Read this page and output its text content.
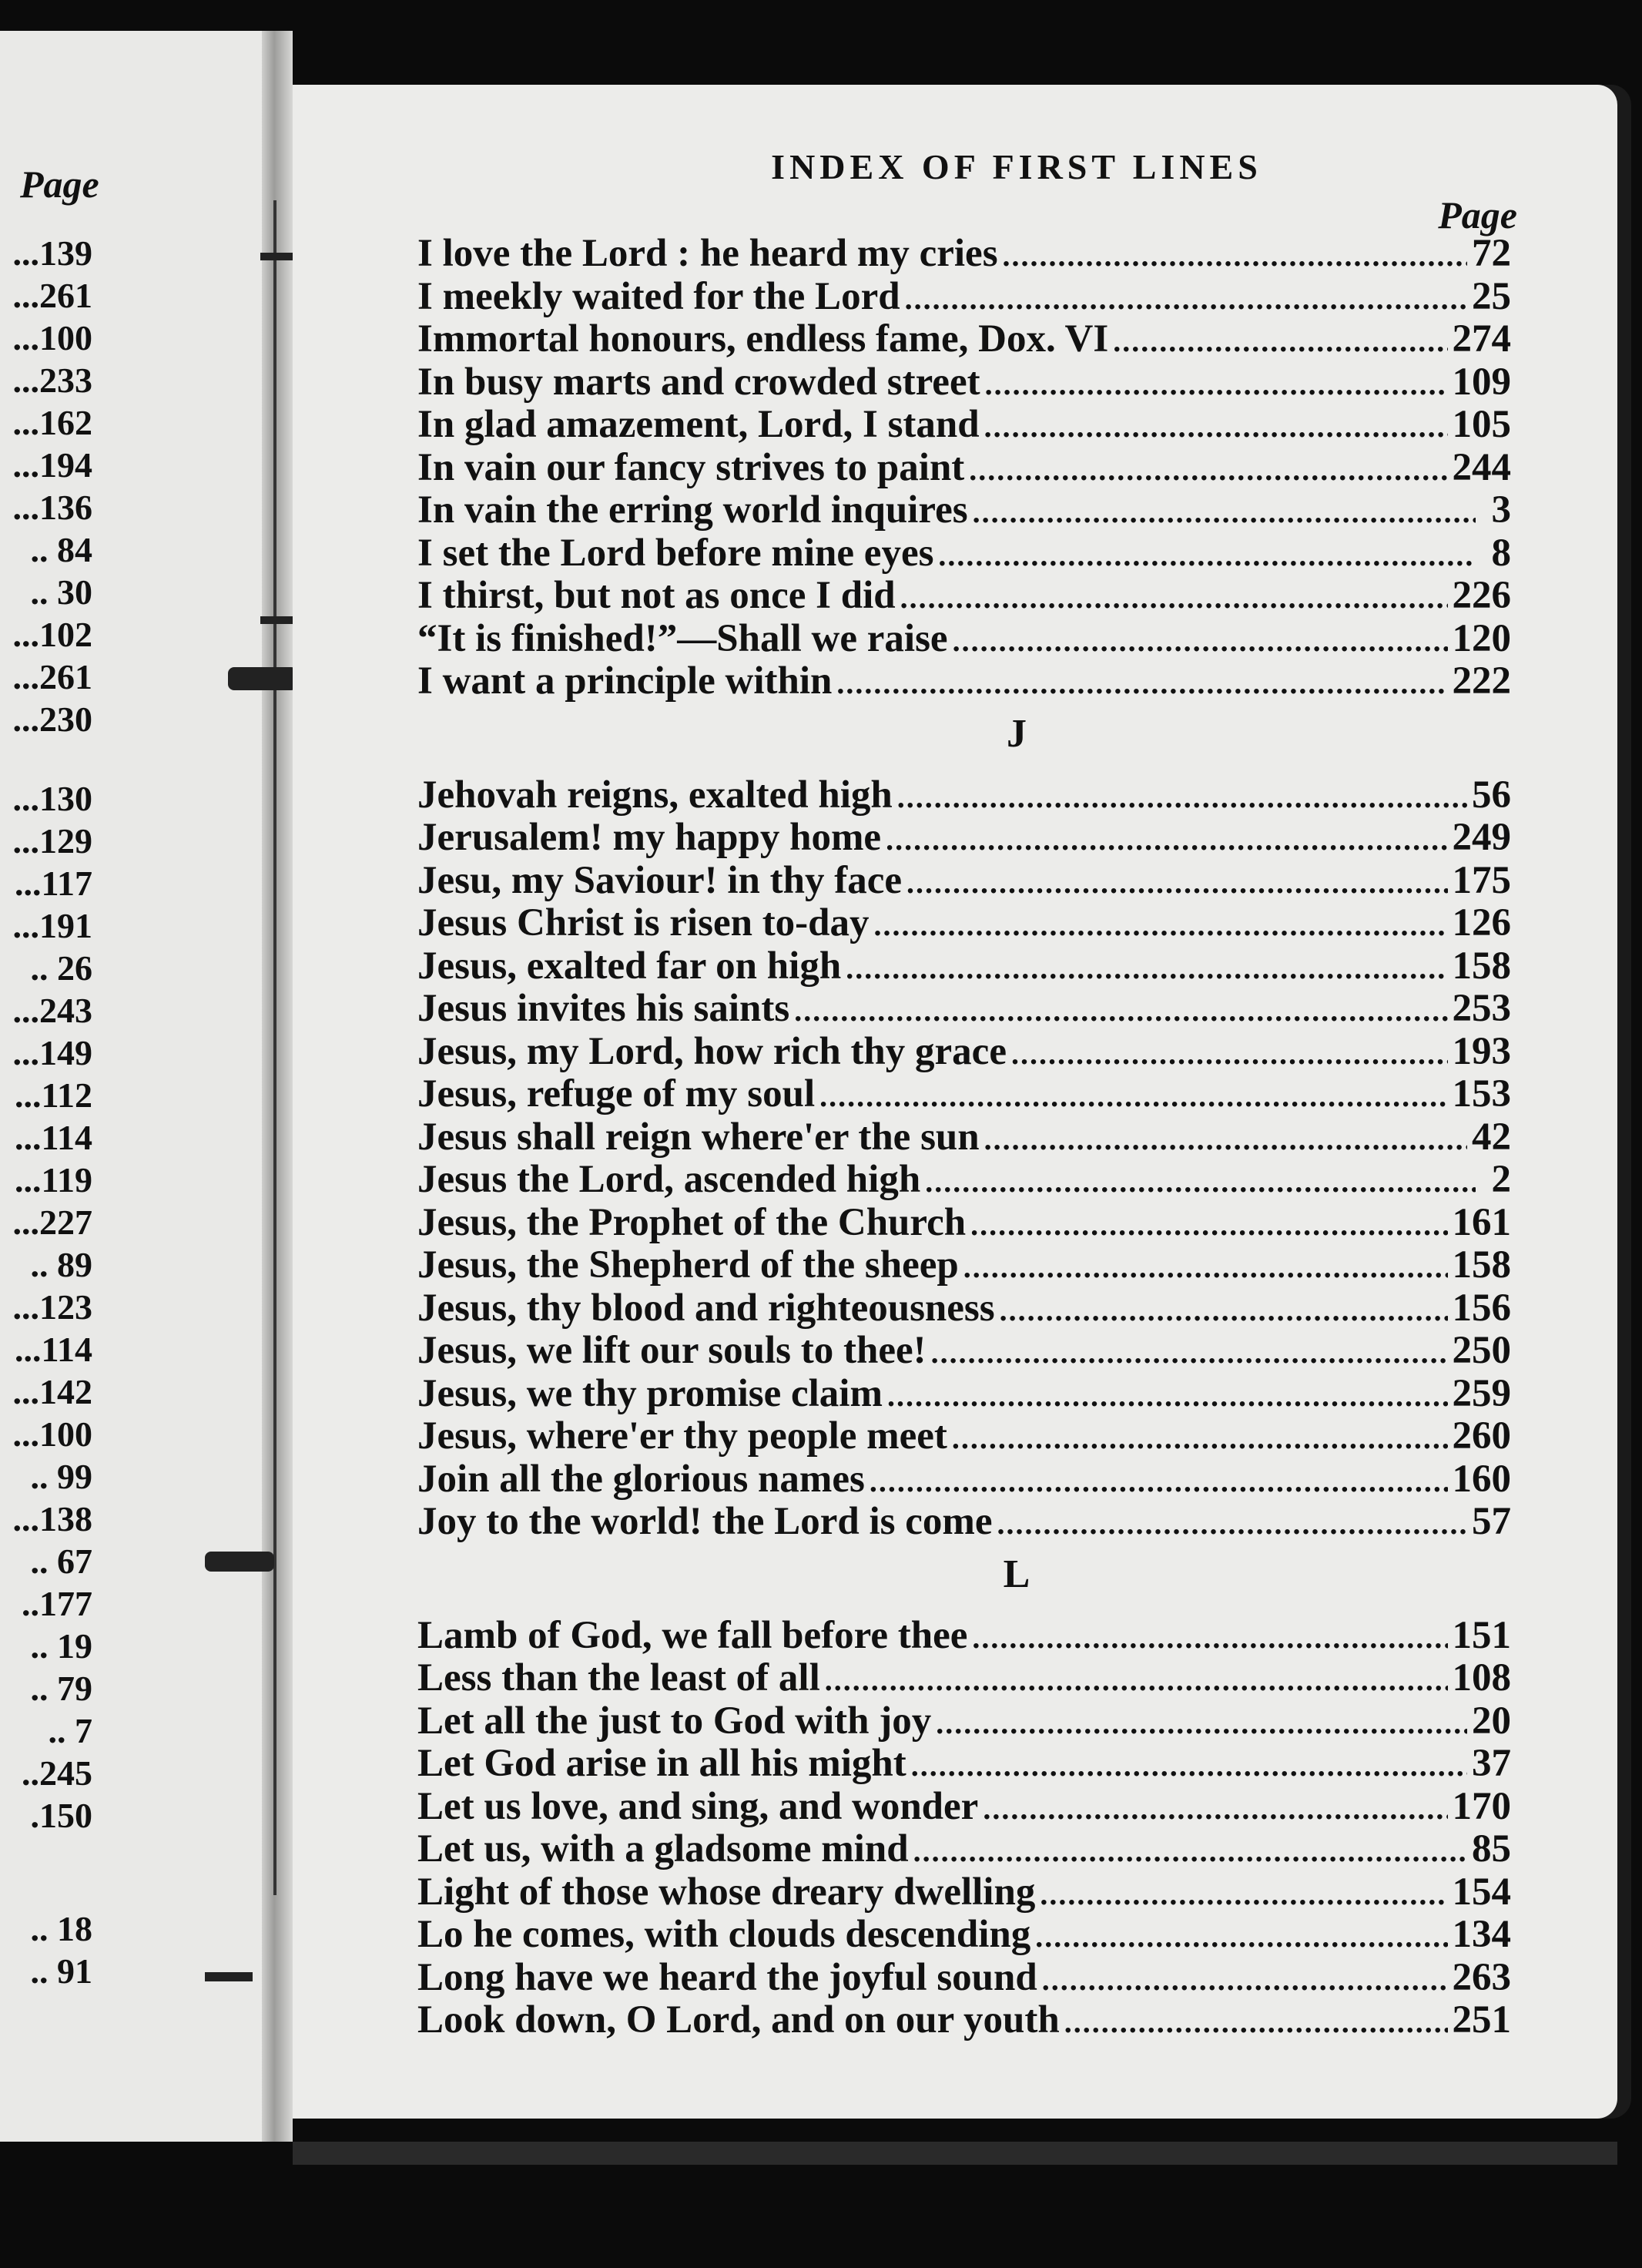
Page
...139
...261
...100
...233
...162
...194
...136
.. 84
.. 30
...102
...261
...230
...130
...129
...117
...191
.. 26
...243
...149
...112
...114
...119
...227
.. 89
...123
...114
...142
...100
.. 99
...138
.. 67
..177
.. 19
.. 79
.. 7
..245
.150
.. 18
.. 91
INDEX OF FIRST LINES
Page
I love the Lord : he heard my cries .....	72
I meekly waited for the Lord .....	25
Immortal honours, endless fame, Dox. VI .....	274
In busy marts and crowded street .....	109
In glad amazement, Lord, I stand .....	105
In vain our fancy strives to paint .....	244
In vain the erring world inquires .....	3
I set the Lord before mine eyes .....	8
I thirst, but not as once I did .....	226
“It is finished!”—Shall we raise .....	120
I want a principle within .....	222
J
Jehovah reigns, exalted high .....	56
Jerusalem! my happy home .....	249
Jesu, my Saviour! in thy face .....	175
Jesus Christ is risen to-day .....	126
Jesus, exalted far on high .....	158
Jesus invites his saints .....	253
Jesus, my Lord, how rich thy grace .....	193
Jesus, refuge of my soul .....	153
Jesus shall reign where'er the sun .....	42
Jesus the Lord, ascended high .....	2
Jesus, the Prophet of the Church .....	161
Jesus, the Shepherd of the sheep .....	158
Jesus, thy blood and righteousness .....	156
Jesus, we lift our souls to thee! .....	250
Jesus, we thy promise claim .....	259
Jesus, where'er thy people meet .....	260
Join all the glorious names .....	160
Joy to the world! the Lord is come .....	57
L
Lamb of God, we fall before thee .....	151
Less than the least of all .....	108
Let all the just to God with joy .....	20
Let God arise in all his might .....	37
Let us love, and sing, and wonder .....	170
Let us, with a gladsome mind .....	85
Light of those whose dreary dwelling .....	154
Lo he comes, with clouds descending .....	134
Long have we heard the joyful sound .....	263
Look down, O Lord, and on our youth .....	251
